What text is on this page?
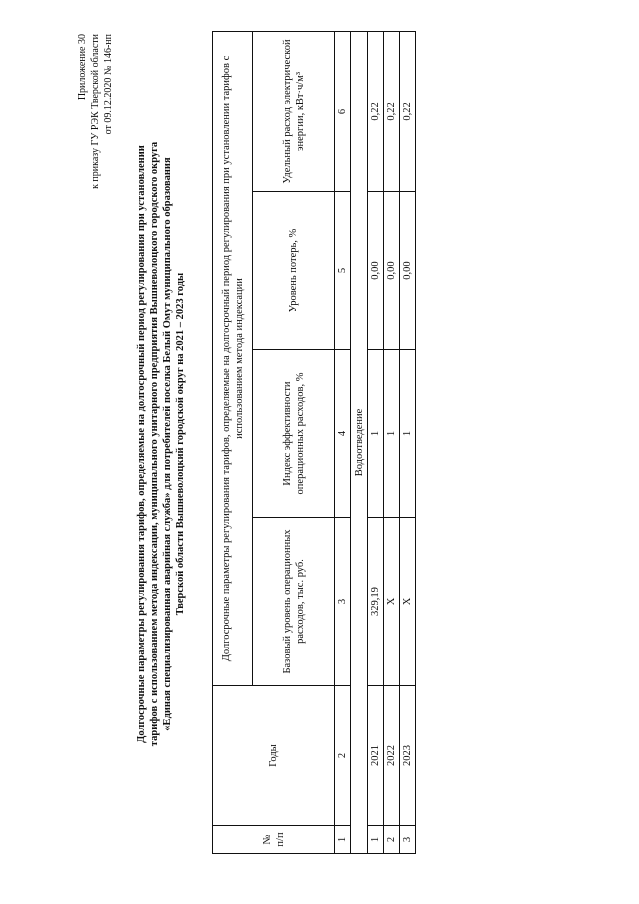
Приложение 30 к приказу ГУ РЭК Тверской области от 09.12.2020 № 146-нп
Долгосрочные параметры регулирования тарифов, определяемые на долгосрочный период регулирования при установлении тарифов с использованием метода индексации, муниципального унитарного предприятия Вышневолоцкого городского округа «Единая специализированная аварийная служба» для потребителей поселка Белый Омут муниципального образования Тверской области Вышневолоцкий городской округ на 2021 – 2023 годы
№ п/п	Годы	Долгосрочные параметры регулирования тарифов, определяемые на долгосрочный период регулирования при установлении тарифов с использованием метода индексации			
		Базовый уровень операционных расходов, тыс. руб.	Индекс эффективности операционных расходов, %	Уровень потерь, %	Удельный расход электрической энергии, кВт·ч/м³
1	2	3	4	5	6
Водоотведение					
1	2021	329,19	1	0,00	0,22
2	2022	Х	1	0,00	0,22
3	2023	Х	1	0,00	0,22
